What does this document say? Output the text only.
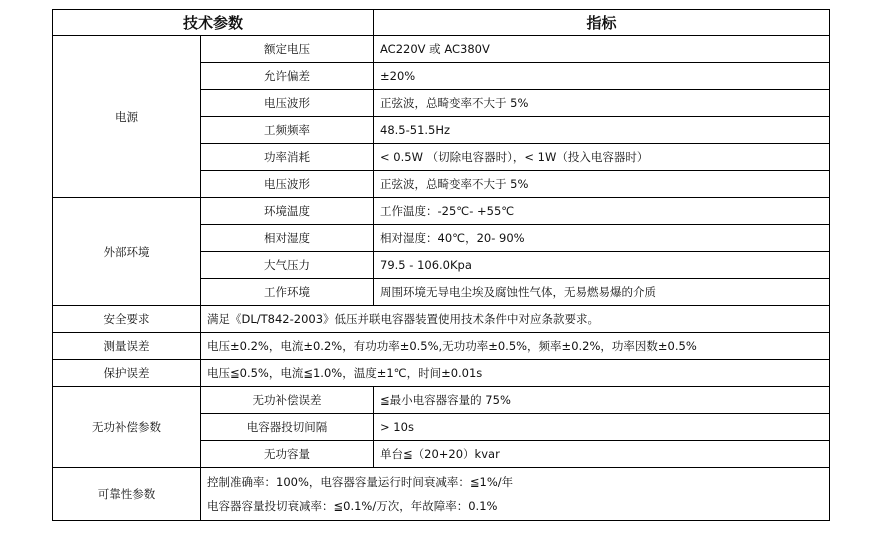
技术参数		指标
电源	额定电压	AC220V 或 AC380V
	允许偏差	±20%
	电压波形	正弦波，总畸变率不大于 5%
	工频频率	48.5-51.5Hz
	功率消耗	< 0.5W （切除电容器时），< 1W（投入电容器时）
	电压波形	正弦波，总畸变率不大于 5%
外部环境	环境温度	工作温度：-25℃- +55℃
	相对湿度	相对湿度：40℃，20- 90%
	大气压力	79.5 - 106.0Kpa
	工作环境	周围环境无导电尘埃及腐蚀性气体，无易燃易爆的介质
安全要求	满足《DL/T842-2003》低压并联电容器装置使用技术条件中对应条款要求。	
测量误差	电压±0.2%，电流±0.2%，有功功率±0.5%,无功功率±0.5%，频率±0.2%，功率因数±0.5%	
保护误差	电压≦0.5%，电流≦1.0%，温度±1℃，时间±0.01s	
无功补偿参数	无功补偿误差	≦最小电容器容量的 75%
	电容器投切间隔	> 10s
	无功容量	单台≦（20+20）kvar
可靠性参数	控制准确率：100%，电容器容量运行时间衰减率：≦1%/年
电容器容量投切衰减率：≦0.1%/万次，年故障率：0.1%	
